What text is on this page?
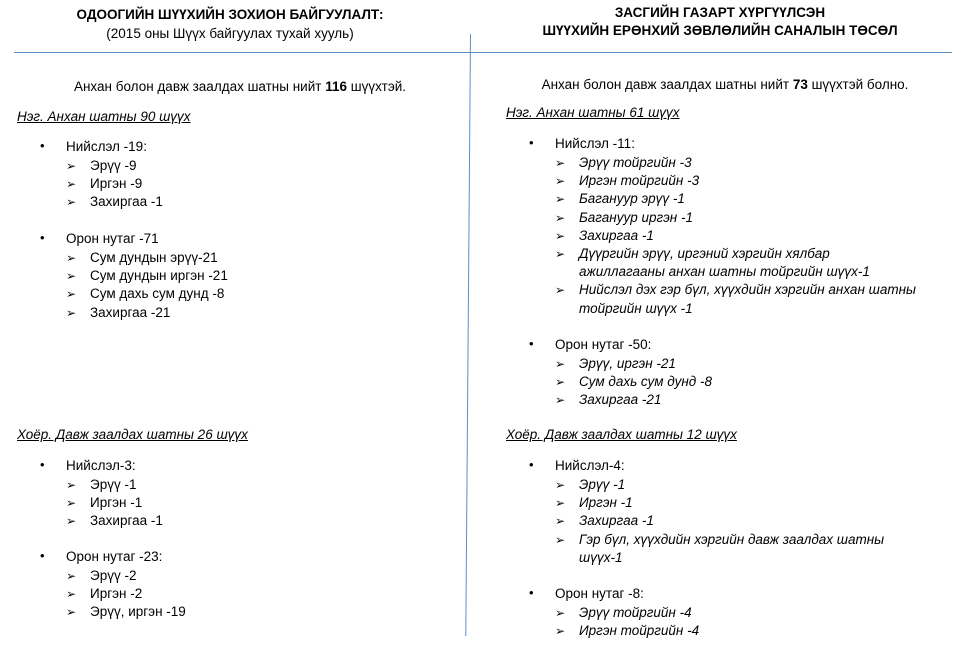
ОДООГИЙН ШҮҮХИЙН ЗОХИОН БАЙГУУЛАЛТ:
(2015 оны Шүүх байгуулах тухай хууль)
Анхан болон давж заалдах шатны нийт 116 шүүхтэй.
Нэг. Анхан шатны 90 шүүх
• Нийслэл -19:
➢ Эрүү -9
➢ Иргэн -9
➢ Захиргаа -1
• Орон нутаг -71
➢ Сум дундын эрүү-21
➢ Сум дундын иргэн -21
➢ Сум дахь сум дунд -8
➢ Захиргаа -21
Хоёр. Давж заалдах шатны 26 шүүх
• Нийслэл-3:
➢ Эрүү -1
➢ Иргэн -1
➢ Захиргаа -1
• Орон нутаг -23:
➢ Эрүү -2
➢ Иргэн -2
➢ Эрүү, иргэн -19
ЗАСГИЙН ГАЗАРТ ХҮРГҮҮЛСЭН
ШҮҮХИЙН ЕРӨНХИЙ ЗӨВЛӨЛИЙН САНАЛЫН ТӨСӨЛ
Анхан болон давж заалдах шатны нийт 73 шүүхтэй болно.
Нэг. Анхан шатны 61 шүүх
• Нийслэл -11:
➢ Эрүү тойргийн -3
➢ Иргэн тойргийн -3
➢ Багануур эрүү -1
➢ Багануур иргэн -1
➢ Захиргаа -1
➢ Дүүргийн эрүү, иргэний хэргийн хялбар
ажиллагааны анхан шатны тойргийн шүүх-1
➢ Нийслэл дэх гэр бүл, хүүхдийн хэргийн анхан шатны
тойргийн шүүх -1
• Орон нутаг -50:
➢ Эрүү, иргэн -21
➢ Сум дахь сум дунд -8
➢ Захиргаа -21
Хоёр. Давж заалдах шатны 12 шүүх
• Нийслэл-4:
➢ Эрүү -1
➢ Иргэн -1
➢ Захиргаа -1
➢ Гэр бүл, хүүхдийн хэргийн давж заалдах шатны
шүүх-1
• Орон нутаг -8:
➢ Эрүү тойргийн -4
➢ Иргэн тойргийн -4
